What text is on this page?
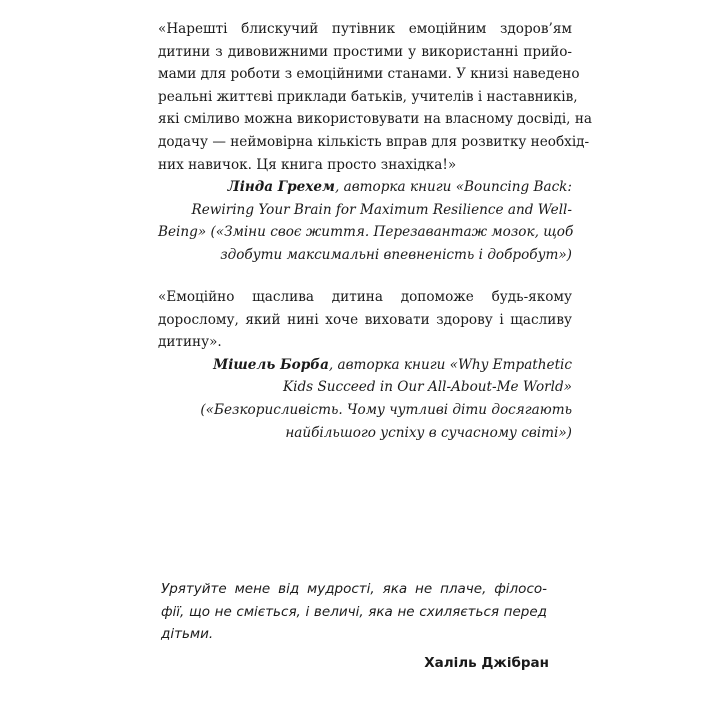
«Нарешті блискучий путівник емоційним здоров’ям
дитини з дивовижними простими у використанні прийо-
мами для роботи з емоційними станами. У книзі наведено
реальні життєві приклади батьків, учителів і наставників,
які сміливо можна використовувати на власному досвіді, на
додачу — неймовірна кількість вправ для розвитку необхід-
них навичок. Ця книга просто знахідка!»

Лінда Грехем, авторка книги «Bouncing Back:
Rewiring Your Brain for Maximum Resilience and Well-
Being» («Зміни своє життя. Перезавантаж мозок, щоб
здобути максимальні впевненість і добробут»)

«Емоційно щаслива дитина допоможе будь-якому
дорослому, який нині хоче виховати здорову і щасливу
дитину».

Мішель Борба, авторка книги «Why Empathetic
Kids Succeed in Our All-About-Me World»
(«Безкорисливість. Чому чутливі діти досягають
найбільшого успіху в сучасному світі»)

Урятуйте мене від мудрості, яка не плаче, філосо-
фії, що не сміється, і величі, яка не схиляється перед
дітьми.
Халіль Джібран
